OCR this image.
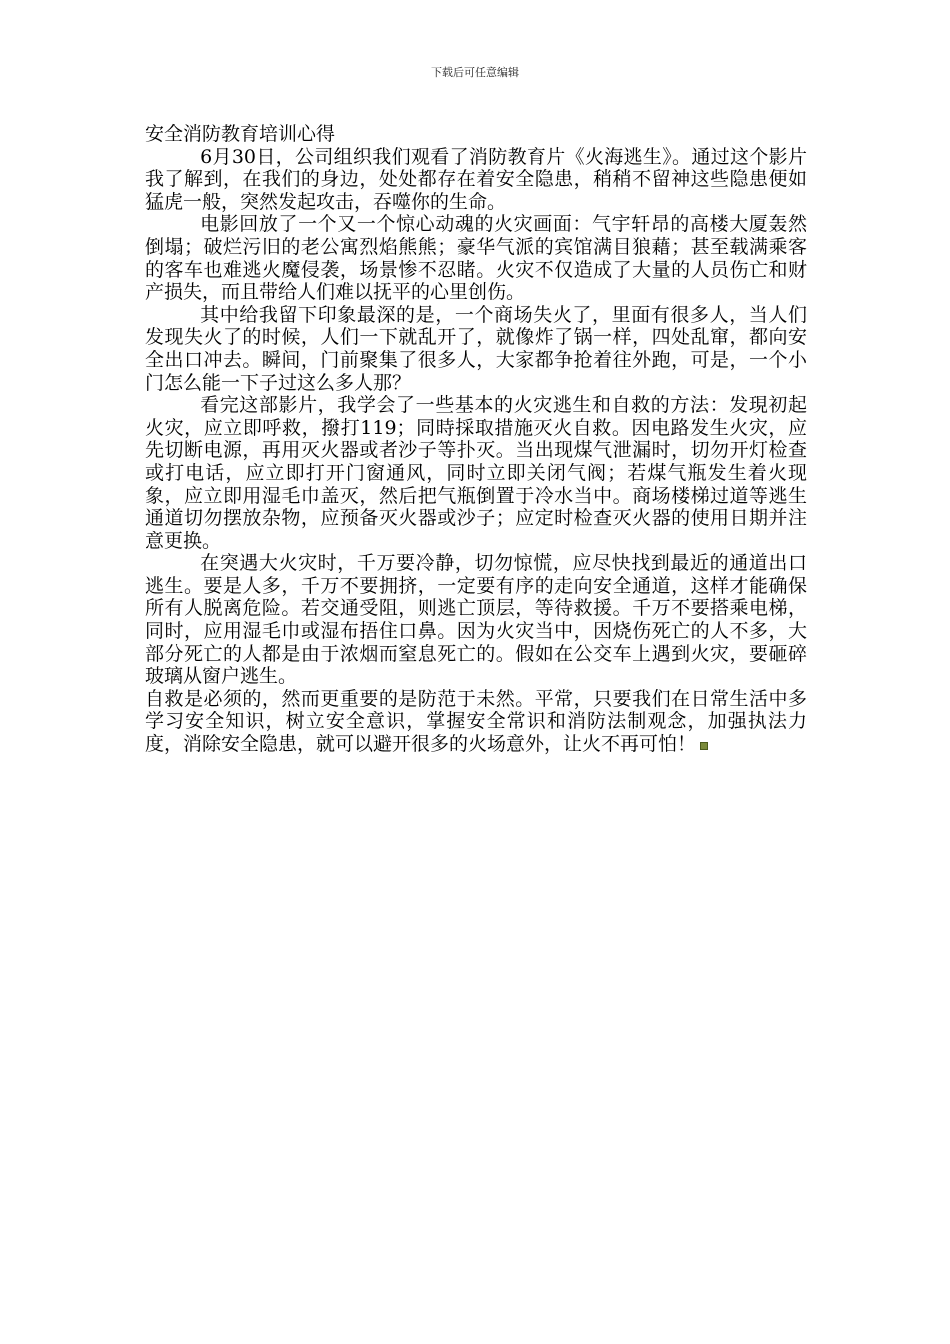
下载后可任意编辑

安全消防教育培训心得

6月30日，公司组织我们观看了消防教育片《火海逃生》。通过这个影片我了解到，在我们的身边，处处都存在着安全隐患，稍稍不留神这些隐患便如猛虎一般，突然发起攻击，吞噬你的生命。

电影回放了一个又一个惊心动魂的火灾画面：气宇轩昂的高楼大厦轰然倒塌；破烂污旧的老公寓烈焰熊熊；豪华气派的宾馆满目狼藉；甚至载满乘客的客车也难逃火魔侵袭，场景惨不忍睹。火灾不仅造成了大量的人员伤亡和财产损失，而且带给人们难以抚平的心里创伤。

其中给我留下印象最深的是，一个商场失火了，里面有很多人，当人们发现失火了的时候，人们一下就乱开了，就像炸了锅一样，四处乱窜，都向安全出口冲去。瞬间，门前聚集了很多人，大家都争抢着往外跑，可是，一个小门怎么能一下子过这么多人那？

看完这部影片，我学会了一些基本的火灾逃生和自救的方法：发現初起火灾，应立即呼救，撥打119；同時採取措施灭火自救。因电路发生火灾，应先切断电源，再用灭火器或者沙子等扑灭。当出现煤气泄漏时，切勿开灯检查或打电话，应立即打开门窗通风，同时立即关闭气阀；若煤气瓶发生着火现象，应立即用湿毛巾盖灭，然后把气瓶倒置于冷水当中。商场楼梯过道等逃生通道切勿摆放杂物，应预备灭火器或沙子；应定时检查灭火器的使用日期并注意更换。

在突遇大火灾时，千万要冷静，切勿惊慌，应尽快找到最近的通道出口逃生。要是人多，千万不要拥挤，一定要有序的走向安全通道，这样才能确保所有人脱离危险。若交通受阻，则逃亡顶层，等待救援。千万不要搭乘电梯，同时，应用湿毛巾或湿布捂住口鼻。因为火灾当中，因烧伤死亡的人不多，大部分死亡的人都是由于浓烟而窒息死亡的。假如在公交车上遇到火灾，要砸碎玻璃从窗户逃生。

自救是必须的，然而更重要的是防范于未然。平常，只要我们在日常生活中多学习安全知识，树立安全意识，掌握安全常识和消防法制观念，加强执法力度，消除安全隐患，就可以避开很多的火场意外，让火不再可怕！
